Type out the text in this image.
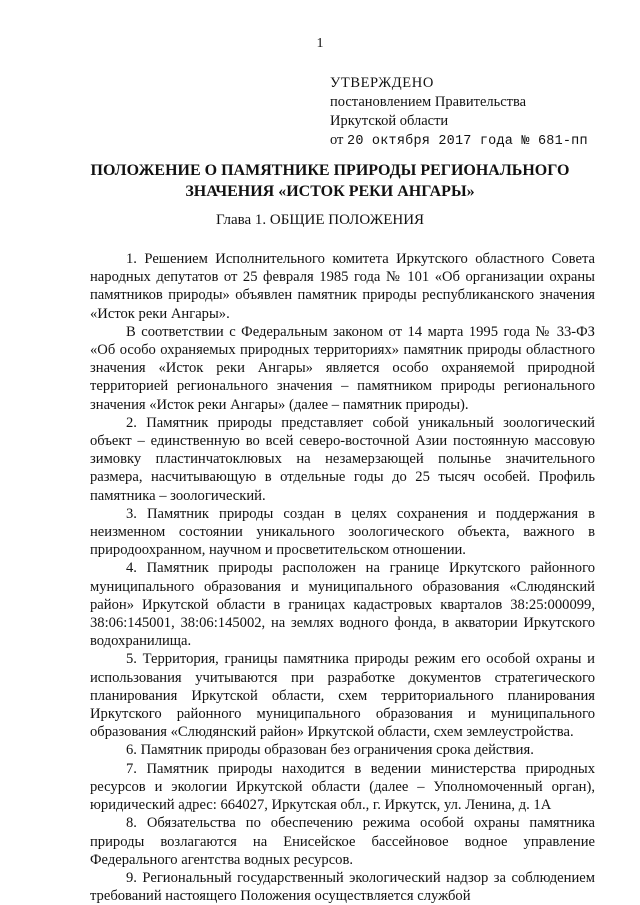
1
УТВЕРЖДЕНО
постановлением Правительства
Иркутской области
от 20 октября 2017 года № 681-пп
ПОЛОЖЕНИЕ О ПАМЯТНИКЕ ПРИРОДЫ РЕГИОНАЛЬНОГО ЗНАЧЕНИЯ «ИСТОК РЕКИ АНГАРЫ»
Глава 1. ОБЩИЕ ПОЛОЖЕНИЯ

1. Решением Исполнительного комитета Иркутского областного Совета народных депутатов от 25 февраля 1985 года № 101 «Об организации охраны памятников природы» объявлен памятник природы республиканского значения «Исток реки Ангары».

В соответствии с Федеральным законом от 14 марта 1995 года № 33-ФЗ «Об особо охраняемых природных территориях» памятник природы областного значения «Исток реки Ангары» является особо охраняемой природной территорией регионального значения – памятником природы регионального значения «Исток реки Ангары» (далее – памятник природы).

2. Памятник природы представляет собой уникальный зоологический объект – единственную во всей северо-восточной Азии постоянную массовую зимовку пластинчатоклювых на незамерзающей полынье значительного размера, насчитывающую в отдельные годы до 25 тысяч особей. Профиль памятника – зоологический.

3. Памятник природы создан в целях сохранения и поддержания в неизменном состоянии уникального зоологического объекта, важного в природоохранном, научном и просветительском отношении.

4. Памятник природы расположен на границе Иркутского районного муниципального образования и муниципального образования «Слюдянский район» Иркутской области в границах кадастровых кварталов 38:25:000099, 38:06:145001, 38:06:145002, на землях водного фонда, в акватории Иркутского водохранилища.

5. Территория, границы памятника природы режим его особой охраны и использования учитываются при разработке документов стратегического планирования Иркутской области, схем территориального планирования Иркутского районного муниципального образования и муниципального образования «Слюдянский район» Иркутской области, схем землеустройства.

6. Памятник природы образован без ограничения срока действия.

7. Памятник природы находится в ведении министерства природных ресурсов и экологии Иркутской области (далее – Уполномоченный орган), юридический адрес: 664027, Иркутская обл., г. Иркутск, ул. Ленина, д. 1А

8. Обязательства по обеспечению режима особой охраны памятника природы возлагаются на Енисейское бассейновое водное управление Федерального агентства водных ресурсов.

9. Региональный государственный экологический надзор за соблюдением требований настоящего Положения осуществляется службой
